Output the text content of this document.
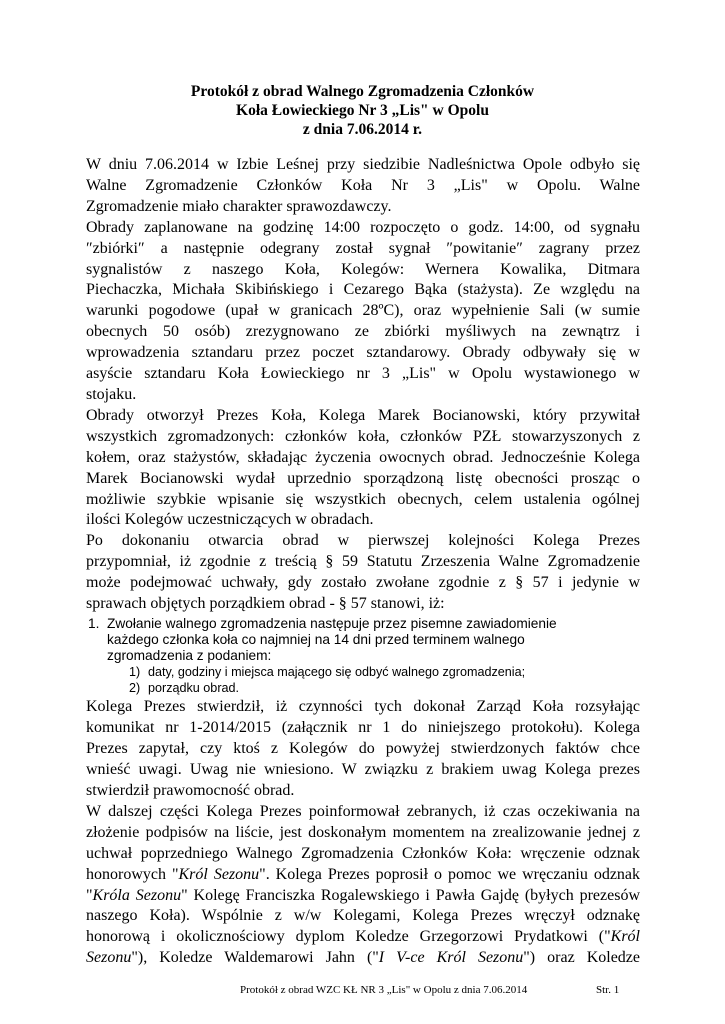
Protokół z obrad Walnego Zgromadzenia Członków
Koła Łowieckiego Nr 3 „Lis" w Opolu
z dnia 7.06.2014 r.

W dniu 7.06.2014 w Izbie Leśnej przy siedzibie Nadleśnictwa Opole odbyło się
Walne Zgromadzenie Członków Koła Nr 3 „Lis" w Opolu. Walne
Zgromadzenie miało charakter sprawozdawczy.

Obrady zaplanowane na godzinę 14:00 rozpoczęto o godz. 14:00, od sygnału
″zbiórki″ a następnie odegrany został sygnał ″powitanie″ zagrany przez
sygnalistów z naszego Koła, Kolegów: Wernera Kowalika, Ditmara
Piechaczka, Michała Skibińskiego i Cezarego Bąka (stażysta). Ze względu na
warunki pogodowe (upał w granicach 28ºC), oraz wypełnienie Sali (w sumie
obecnych 50 osób) zrezygnowano ze zbiórki myśliwych na zewnątrz i
wprowadzenia sztandaru przez poczet sztandarowy. Obrady odbywały się w
asyście sztandaru Koła Łowieckiego nr 3 „Lis" w Opolu wystawionego w
stojaku.

Obrady otworzył Prezes Koła, Kolega Marek Bocianowski, który przywitał
wszystkich zgromadzonych: członków koła, członków PZŁ stowarzyszonych z
kołem, oraz stażystów, składając życzenia owocnych obrad. Jednocześnie Kolega
Marek Bocianowski wydał uprzednio sporządzoną listę obecności prosząc o
możliwie szybkie wpisanie się wszystkich obecnych, celem ustalenia ogólnej
ilości Kolegów uczestniczących w obradach.

Po dokonaniu otwarcia obrad w pierwszej kolejności Kolega Prezes
przypomniał, iż zgodnie z treścią § 59 Statutu Zrzeszenia Walne Zgromadzenie
może podejmować uchwały, gdy zostało zwołane zgodnie z § 57 i jedynie w
sprawach objętych porządkiem obrad - § 57 stanowi, iż:

1. Zwołanie walnego zgromadzenia następuje przez pisemne zawiadomienie
każdego członka koła co najmniej na 14 dni przed terminem walnego
zgromadzenia z podaniem:
1) daty, godziny i miejsca mającego się odbyć walnego zgromadzenia;
2) porządku obrad.

Kolega Prezes stwierdził, iż czynności tych dokonał Zarząd Koła rozsyłając
komunikat nr 1-2014/2015 (załącznik nr 1 do niniejszego protokołu). Kolega
Prezes zapytał, czy ktoś z Kolegów do powyżej stwierdzonych faktów chce
wnieść uwagi. Uwag nie wniesiono. W związku z brakiem uwag Kolega prezes
stwierdził prawomocność obrad.

W dalszej części Kolega Prezes poinformował zebranych, iż czas oczekiwania na
złożenie podpisów na liście, jest doskonałym momentem na zrealizowanie jednej z
uchwał poprzedniego Walnego Zgromadzenia Członków Koła: wręczenie odznak
honorowych "Król Sezonu". Kolega Prezes poprosił o pomoc we wręczaniu odznak
"Króla Sezonu" Kolegę Franciszka Rogalewskiego i Pawła Gajdę (byłych prezesów
naszego Koła). Wspólnie z w/w Kolegami, Kolega Prezes wręczył odznakę
honorową i okolicznościowy dyplom Koledze Grzegorzowi Prydatkowi ("Król
Sezonu"), Koledze Waldemarowi Jahn ("I V-ce Król Sezonu") oraz Koledze

Protokół z obrad WZC KŁ NR 3 „Lis" w Opolu z dnia 7.06.2014	Str. 1
